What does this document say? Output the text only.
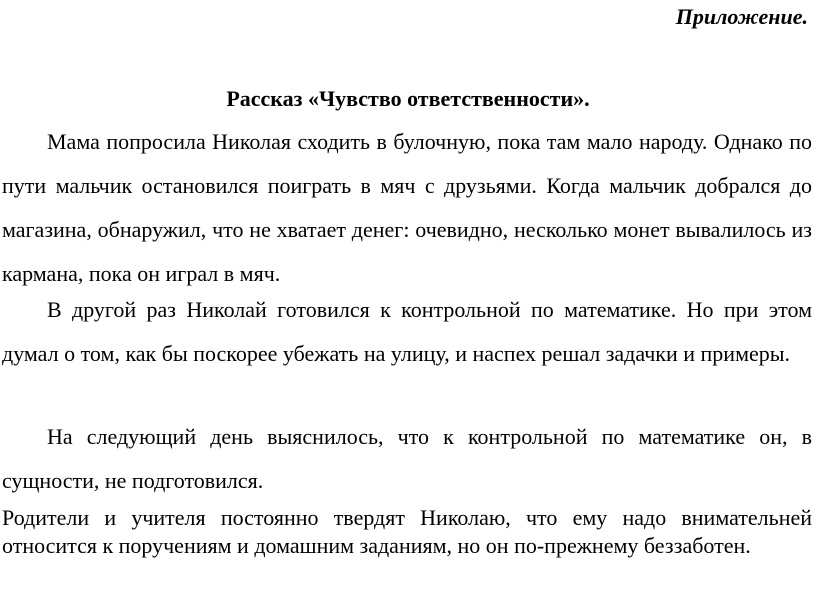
Приложение.

Рассказ «Чувство ответственности».

Мама попросила Николая сходить в булочную, пока там мало народу. Однако по пути мальчик остановился поиграть в мяч с друзьями. Когда мальчик добрался до магазина, обнаружил, что не хватает денег: очевидно, несколько монет вывалилось из кармана, пока он играл в мяч.

В другой раз Николай готовился к контрольной по математике. Но при этом думал о том, как бы поскорее убежать на улицу, и наспех решал задачки и примеры.

На следующий день выяснилось, что к контрольной по математике он, в сущности, не подготовился.

Родители и учителя постоянно твердят Николаю, что ему надо внимательней относится к поручениям и домашним заданиям, но он по-прежнему беззаботен.
